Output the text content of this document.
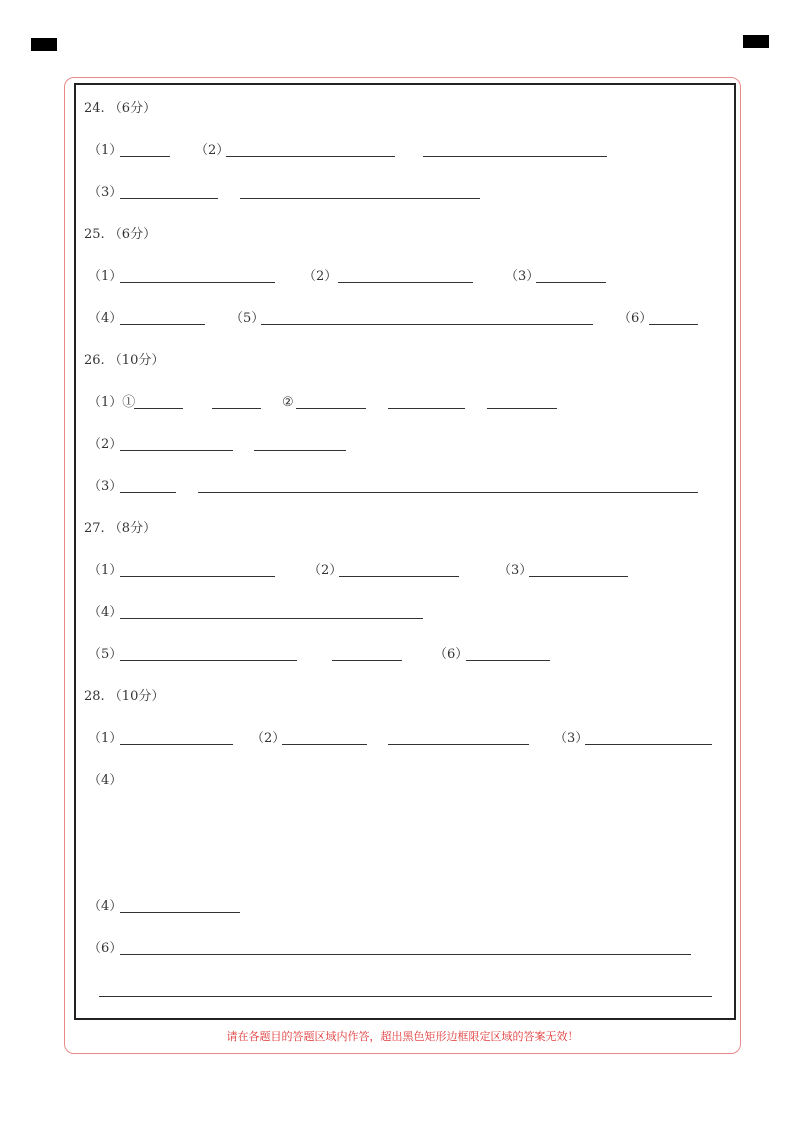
24. （6分）
（1）	（2）
（3）
25. （6分）
（1）	（2）	（3）
（4）	（5）	（6）
26. （10分）
（1）①	②
（2）
（3）
27. （8分）
（1）	（2）	（3）
（4）
（5）	（6）
28. （10分）
（1）	（2）	（3）
（4）
（4）
（6）
请在各题目的答题区域内作答，超出黑色矩形边框限定区域的答案无效！
